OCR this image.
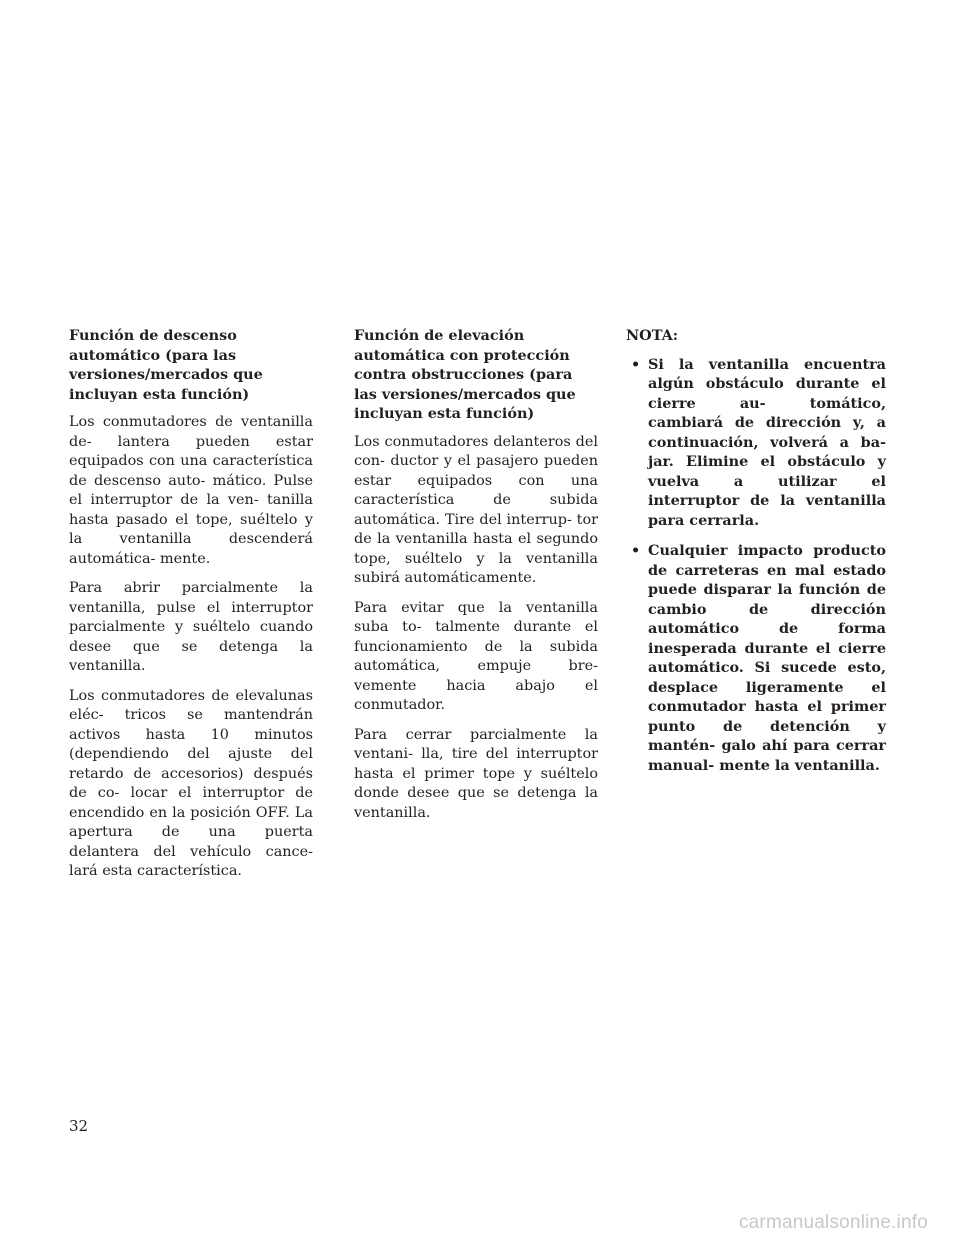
Función de descenso automático (para las versiones/mercados que incluyan esta función)

Los conmutadores de ventanilla de- lantera pueden estar equipados con una característica de descenso auto- mático. Pulse el interruptor de la ven- tanilla hasta pasado el tope, suéltelo y la ventanilla descenderá automática- mente.

Para abrir parcialmente la ventanilla, pulse el interruptor parcialmente y suéltelo cuando desee que se detenga la ventanilla.

Los conmutadores de elevalunas eléc- tricos se mantendrán activos hasta 10 minutos (dependiendo del ajuste del retardo de accesorios) después de co- locar el interruptor de encendido en la posición OFF. La apertura de una puerta delantera del vehículo cance- lará esta característica.

Función de elevación automática con protección contra obstrucciones (para las versiones/mercados que incluyan esta función)

Los conmutadores delanteros del con- ductor y el pasajero pueden estar equipados con una característica de subida automática. Tire del interrup- tor de la ventanilla hasta el segundo tope, suéltelo y la ventanilla subirá automáticamente.

Para evitar que la ventanilla suba to- talmente durante el funcionamiento de la subida automática, empuje bre- vemente hacia abajo el conmutador.

Para cerrar parcialmente la ventani- lla, tire del interruptor hasta el primer tope y suéltelo donde desee que se detenga la ventanilla.

NOTA:

• Si la ventanilla encuentra algún obstáculo durante el cierre au- tomático, cambiará de dirección y, a continuación, volverá a ba- jar. Elimine el obstáculo y vuelva a utilizar el interruptor de la ventanilla para cerrarla.
• Cualquier impacto producto de carreteras en mal estado puede disparar la función de cambio de dirección automático de forma inesperada durante el cierre automático. Si sucede esto, desplace ligeramente el conmutador hasta el primer punto de detención y mantén- galo ahí para cerrar manual- mente la ventanilla.
32
carmanualsonline.info
